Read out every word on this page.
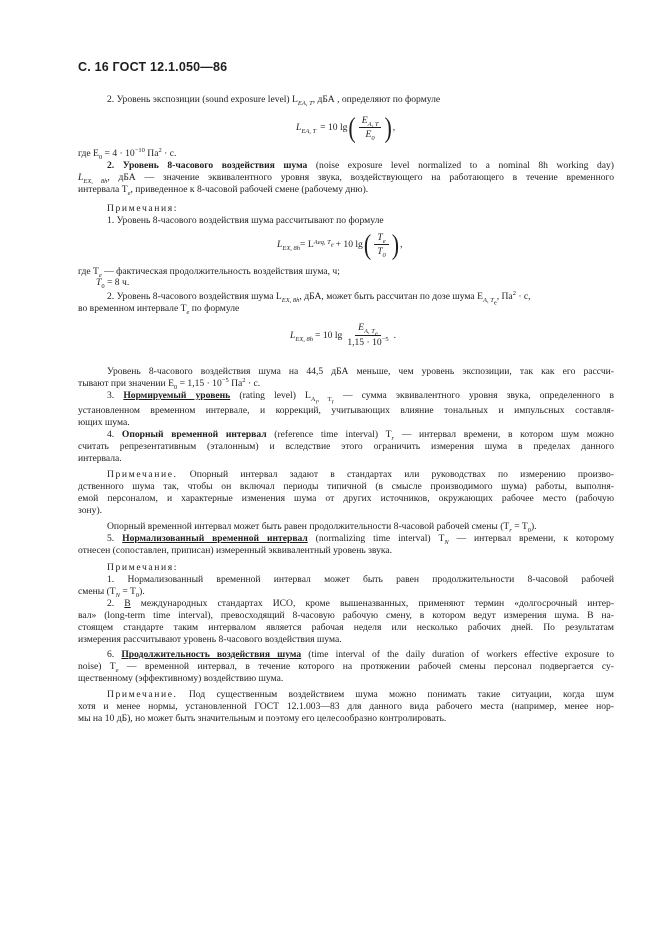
С. 16 ГОСТ 12.1.050—86
2. Уровень экспозиции (sound exposure level) $L_{EA, T}$, дБА , определяют по формуле
$L_{EA, T} = 10$ lg ( $\frac{E_{A, T}}{E_0}$ ) ,
где $E_0 = 4 \cdot 10^{-10}$ $Па^2 \cdot с$.
2. Уровень 8-часового воздействия шума (noise exposure level normalized to a nominal 8h working day)
$L_{EX, 8h}$, дБА — значение эквивалентного уровня звука, воздействующего на работающего в течение временного
интервала $T_e$, приведенное к 8-часовой рабочей смене (рабочему дню).
Примечания:
1. Уровень 8-часового воздействия шума рассчитывают по формуле
$L_{EX, 8h} = L$ Aeq, $T_e + 10$ lg ( $\frac{T_e}{T_0}$ ) ,
где $T_e$ — фактическая продолжительность воздействия шума, ч;
$T_0 = 8$ ч.
2. Уровень 8-часового воздействия шума $L_{EX, 8h}$, дБА, может быть рассчитан по дозе шума $E_{A, T_e}$, $Па^2 \cdot с$,
во временном интервале $T_e$ по формуле
$L_{EX, 8h} = 10$ $\lg \frac{E_{A, T_e}}{1,15 \cdot 10^{-5}}$ .
Уровень 8-часового воздействия шума на 44,5 дБА меньше, чем уровень экспозиции, так как его рассчи-
тывают при значении $E_0 = 1,15 \cdot 10^{-5}$ $Па^2 \cdot с$.
3. Нормируемый уровень (rating level) $L_{A_r, T_r}$ — сумма эквивалентного уровня звука, определенного в
установленном временном интервале, и коррекций, учитывающих влияние тональных и импульсных составля-
ющих шума.
4. Опорный временной интервал (reference time interval) $T_r$ — интервал времени, в котором шум можно
считать репрезентативным (эталонным) и вследствие этого ограничить измерения шума в пределах данного
интервала.
Примечание. Опорный интервал задают в стандартах или руководствах по измерению произво-
дственного шума так, чтобы он включал периоды типичной (в смысле производимого шума) работы, выполня-
емой персоналом, и характерные изменения шума от других источников, окружающих рабочее место (рабочую
зону).
Опорный временной интервал может быть равен продолжительности 8-часовой рабочей смены $(T_r = T_0)$.
5. Нормализованный временной интервал (normalizing time interval) $T_N$ — интервал времени, к которому
отнесен (сопоставлен, приписан) измеренный эквивалентный уровень звука.
Примечания:
1. Нормализованный временной интервал может быть равен продолжительности 8-часовой рабочей
смены $(T_N = T_0)$.
2. В международных стандартах ИСО, кроме вышеназванных, применяют термин «долгосрочный интер-
вал» (long-term time interval), превосходящий 8-часовую рабочую смену, в котором ведут измерения шума. В на-
стоящем стандарте таким интервалом является рабочая неделя или несколько рабочих дней. По результатам
измерения рассчитывают уровень 8-часового воздействия шума.
6. Продолжительность воздействия шума (time interval of the daily duration of workers effective exposure to
noise) $T_e$ — временной интервал, в течение которого на протяжении рабочей смены персонал подвергается су-
щественному (эффективному) воздействию шума.
Примечание. Под существенным воздействием шума можно понимать такие ситуации, когда шум
хотя и менее нормы, установленной ГОСТ 12.1.003—83 для данного вида рабочего места (например, менее нор-
мы на 10 дБ), но может быть значительным и поэтому его целесообразно контролировать.
